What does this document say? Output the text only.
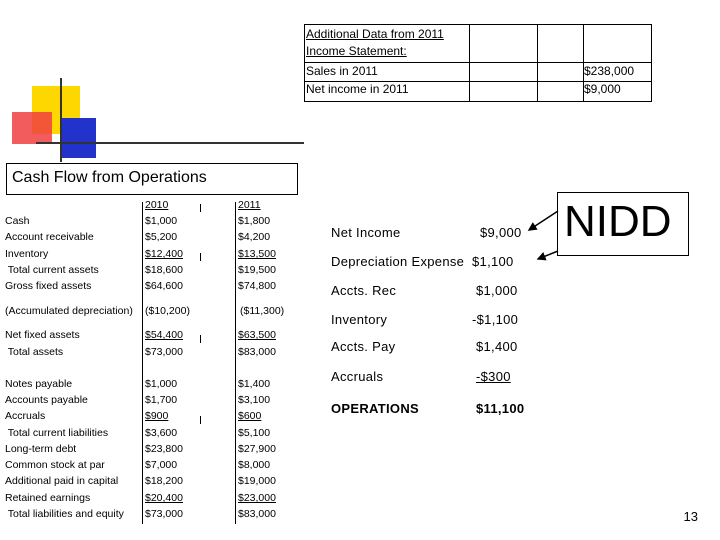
Additional Data from 2011
Income Statement:
Sales in 2011	$238,000
Net income in 2011	$9,000
Cash Flow from Operations
2010	2011
Cash	$1,000	$1,800
Account receivable	$5,200	$4,200
Inventory	$12,400	$13,500
Total current assets	$18,600	$19,500
Gross fixed assets	$64,600	$74,800
(Accumulated depreciation) ($10,200)	($11,300)
Net fixed assets	$54,400	$63,500
Total assets	$73,000	$83,000
Notes payable	$1,000	$1,400
Accounts payable	$1,700	$3,100
Accruals	$900	$600
Total current liabilities	$3,600	$5,100
Long-term debt	$23,800	$27,900
Common stock at par	$7,000	$8,000
Additional paid in capital	$18,200	$19,000
Retained earnings	$20,400	$23,000
Total liabilities and equity $73,000	$83,000
Net Income	$9,000
Depreciation Expense  $1,100
Accts. Rec	$1,000
Inventory	-$1,100
Accts. Pay	$1,400
Accruals	-$300
OPERATIONS	$11,100
NIDD
13
